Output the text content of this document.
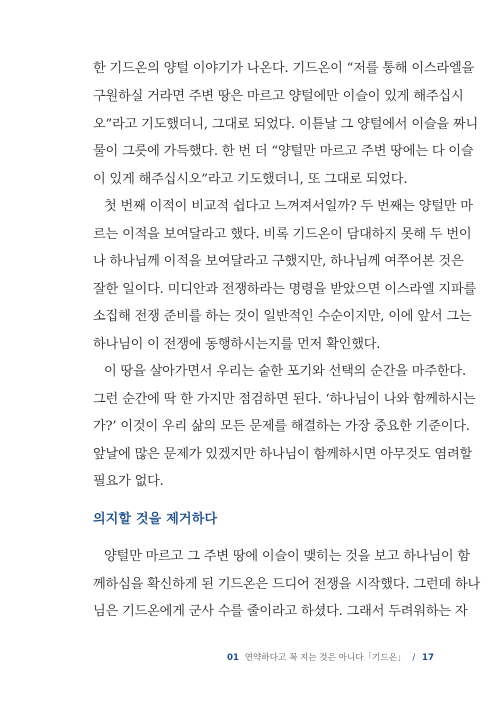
한 기드온의 양털 이야기가 나온다. 기드온이 “저를 통해 이스라엘을
구원하실 거라면 주변 땅은 마르고 양털에만 이슬이 있게 해주십시
오”라고 기도했더니, 그대로 되었다. 이튿날 그 양털에서 이슬을 짜니
물이 그릇에 가득했다. 한 번 더 “양털만 마르고 주변 땅에는 다 이슬
이 있게 해주십시오”라고 기도했더니, 또 그대로 되었다.
첫 번째 이적이 비교적 쉽다고 느껴져서일까? 두 번째는 양털만 마
르는 이적을 보여달라고 했다. 비록 기드온이 담대하지 못해 두 번이
나 하나님께 이적을 보여달라고 구했지만, 하나님께 여쭈어본 것은
잘한 일이다. 미디안과 전쟁하라는 명령을 받았으면 이스라엘 지파를
소집해 전쟁 준비를 하는 것이 일반적인 수순이지만, 이에 앞서 그는
하나님이 이 전쟁에 동행하시는지를 먼저 확인했다.
이 땅을 살아가면서 우리는 숱한 포기와 선택의 순간을 마주한다.
그런 순간에 딱 한 가지만 점검하면 된다. ‘하나님이 나와 함께하시는
가?’ 이것이 우리 삶의 모든 문제를 해결하는 가장 중요한 기준이다.
앞날에 많은 문제가 있겠지만 하나님이 함께하시면 아무것도 염려할
필요가 없다.
의지할 것을 제거하다
양털만 마르고 그 주변 땅에 이슬이 맺히는 것을 보고 하나님이 함
께하심을 확신하게 된 기드온은 드디어 전쟁을 시작했다. 그런데 하나
님은 기드온에게 군사 수를 줄이라고 하셨다. 그래서 두려워하는 자
01 연약하다고 꼭 지는 것은 아니다「기드온」 / 17
